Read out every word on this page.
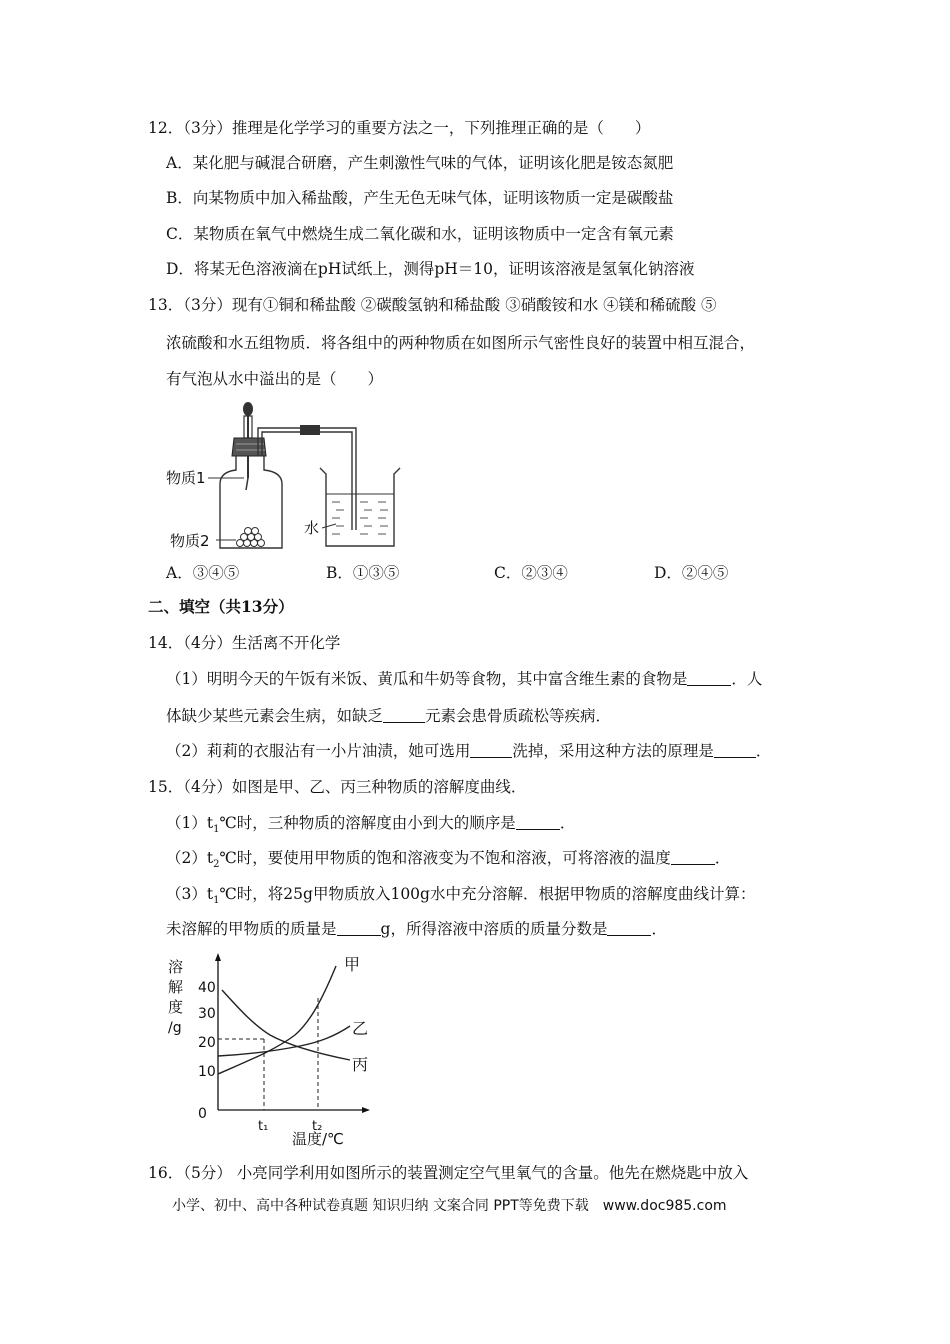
12．（3分）推理是化学学习的重要方法之一，下列推理正确的是（　　）
A．某化肥与碱混合研磨，产生刺激性气味的气体，证明该化肥是铵态氮肥
B．向某物质中加入稀盐酸，产生无色无味气体，证明该物质一定是碳酸盐
C．某物质在氧气中燃烧生成二氧化碳和水，证明该物质中一定含有氧元素
D．将某无色溶液滴在pH试纸上，测得pH＝10，证明该溶液是氢氧化钠溶液
13．（3分）现有①铜和稀盐酸 ②碳酸氢钠和稀盐酸 ③硝酸铵和水 ④镁和稀硫酸 ⑤
浓硫酸和水五组物质．将各组中的两种物质在如图所示气密性良好的装置中相互混合，
有气泡从水中溢出的是（　　）
物质1
物质2
水
A．③④⑤	B．①③⑤	C．②③④	D．②④⑤
二、填空（共13分）
14．（4分）生活离不开化学
（1）明明今天的午饭有米饭、黄瓜和牛奶等食物，其中富含维生素的食物是	．人
体缺少某些元素会生病，如缺乏	元素会患骨质疏松等疾病．
（2）莉莉的衣服沾有一小片油渍，她可选用	洗掉，采用这种方法的原理是	．
15．（4分）如图是甲、乙、丙三种物质的溶解度曲线．
$(1)t_1℃$时，三种物质的溶解度由小到大的顺序是	．
$(2)t_2℃$时，要使用甲物质的饱和溶液变为不饱和溶液，可将溶液的温度	．
$(3)t_1℃$时，将25g甲物质放入100g水中充分溶解．根据甲物质的溶解度曲线计算：
未溶解的甲物质的质量是	g，所得溶液中溶质的质量分数是	．
溶
解
度
/g
40
30
20
10
0
t₁	t₂
温度/℃
甲
乙
丙
16．（5分） 小亮同学利用如图所示的装置测定空气里氧气的含量。他先在燃烧匙中放入
小学、初中、高中各种试卷真题 知识归纳 文案合同 PPT等免费下载　www.doc985.com
